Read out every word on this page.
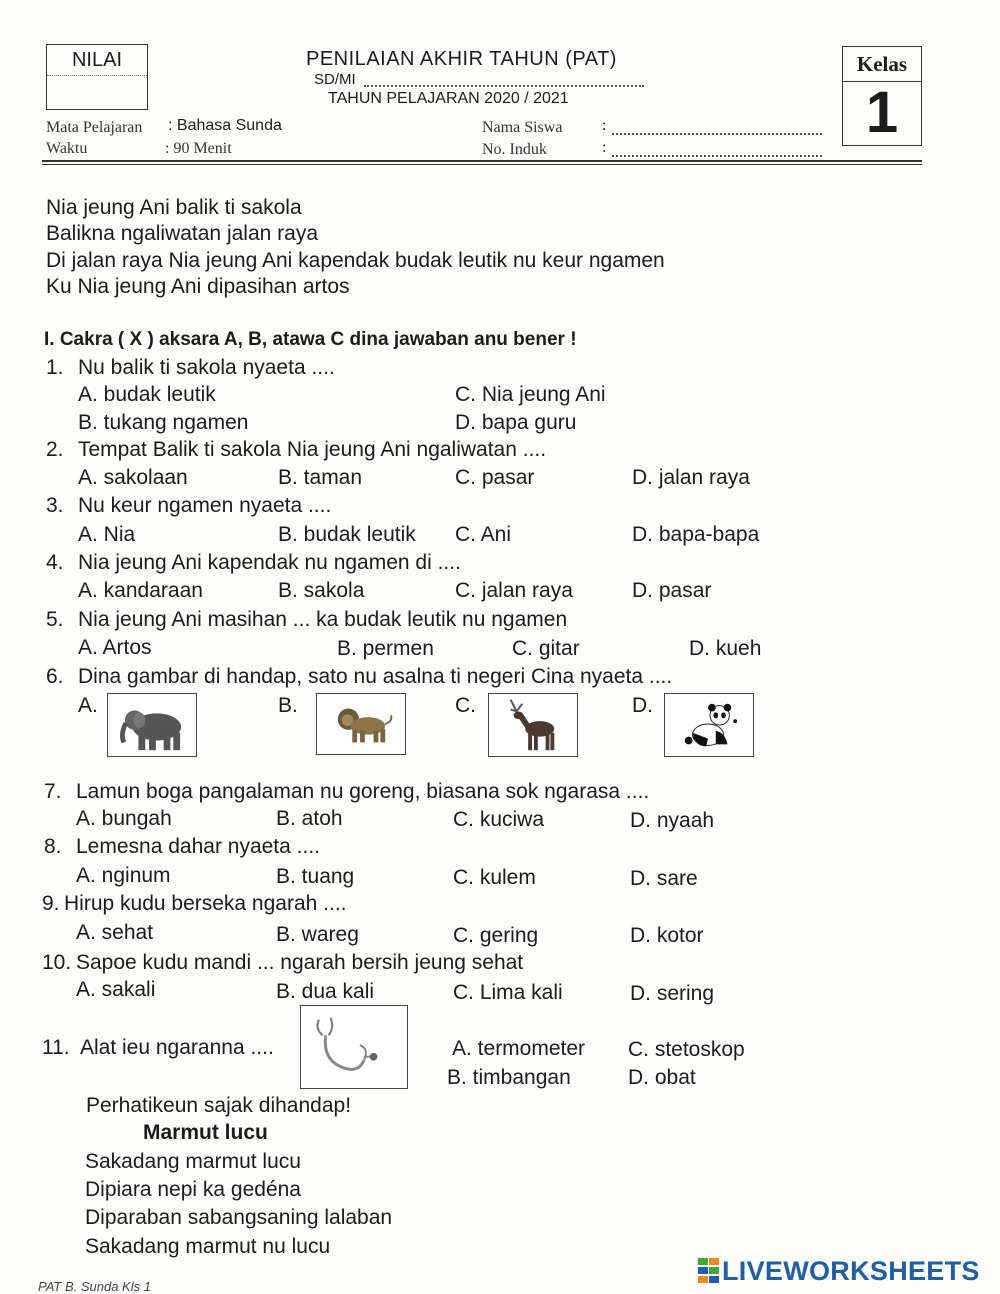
NILAI	PENILAIAN AKHIR TAHUN (PAT)
SD/MI
TAHUN PELAJARAN 2020 / 2021
Kelas
1
Mata Pelajaran : Bahasa Sunda
Waktu	: 90 Menit
Nama Siswa :
No. Induk	:
Nia jeung Ani balik ti sakola
Balikna ngaliwatan jalan raya
Di jalan raya Nia jeung Ani kapendak budak leutik nu keur ngamen
Ku Nia jeung Ani dipasihan artos
I. Cakra ( X ) aksara A, B, atawa C dina jawaban anu bener !
1. Nu balik ti sakola nyaeta ....
A. budak leutik	C. Nia jeung Ani
B. tukang ngamen	D. bapa guru
2. Tempat Balik ti sakola Nia jeung Ani ngaliwatan ....
A. sakolaan	B. taman	C. pasar	D. jalan raya
3. Nu keur ngamen nyaeta ....
A. Nia	B. budak leutik C. Ani	D. bapa-bapa
4. Nia jeung Ani kapendak nu ngamen di ....
A. kandaraan	B. sakola	C. jalan raya	D. pasar
5. Nia jeung Ani masihan ... ka budak leutik nu ngamen
A. Artos	B. permen	C. gitar	D. kueh
6. Dina gambar di handap, sato nu asalna ti negeri Cina nyaeta ....
A.	B.	C.	D.
7. Lamun boga pangalaman nu goreng, biasana sok ngarasa ....
A. bungah	B. atoh	C. kuciwa	D. nyaah
8. Lemesna dahar nyaeta ....
A. nginum	B. tuang	C. kulem	D. sare
9. Hirup kudu berseka ngarah ....
A. sehat	B. wareg	C. gering	D. kotor
10. Sapoe kudu mandi ... ngarah bersih jeung sehat
A. sakali	B. dua kali	C. Lima kali	D. sering
11. Alat ieu ngaranna ....	A. termometer C. stetoskop
B. timbangan	D. obat
Perhatikeun sajak dihandap!
Marmut lucu
Sakadang marmut lucu
Dipiara nepi ka gedéna
Diparaban sabangsaning lalaban
Sakadang marmut nu lucu
PAT B. Sunda Kls 1
LIVEWORKSHEETS
